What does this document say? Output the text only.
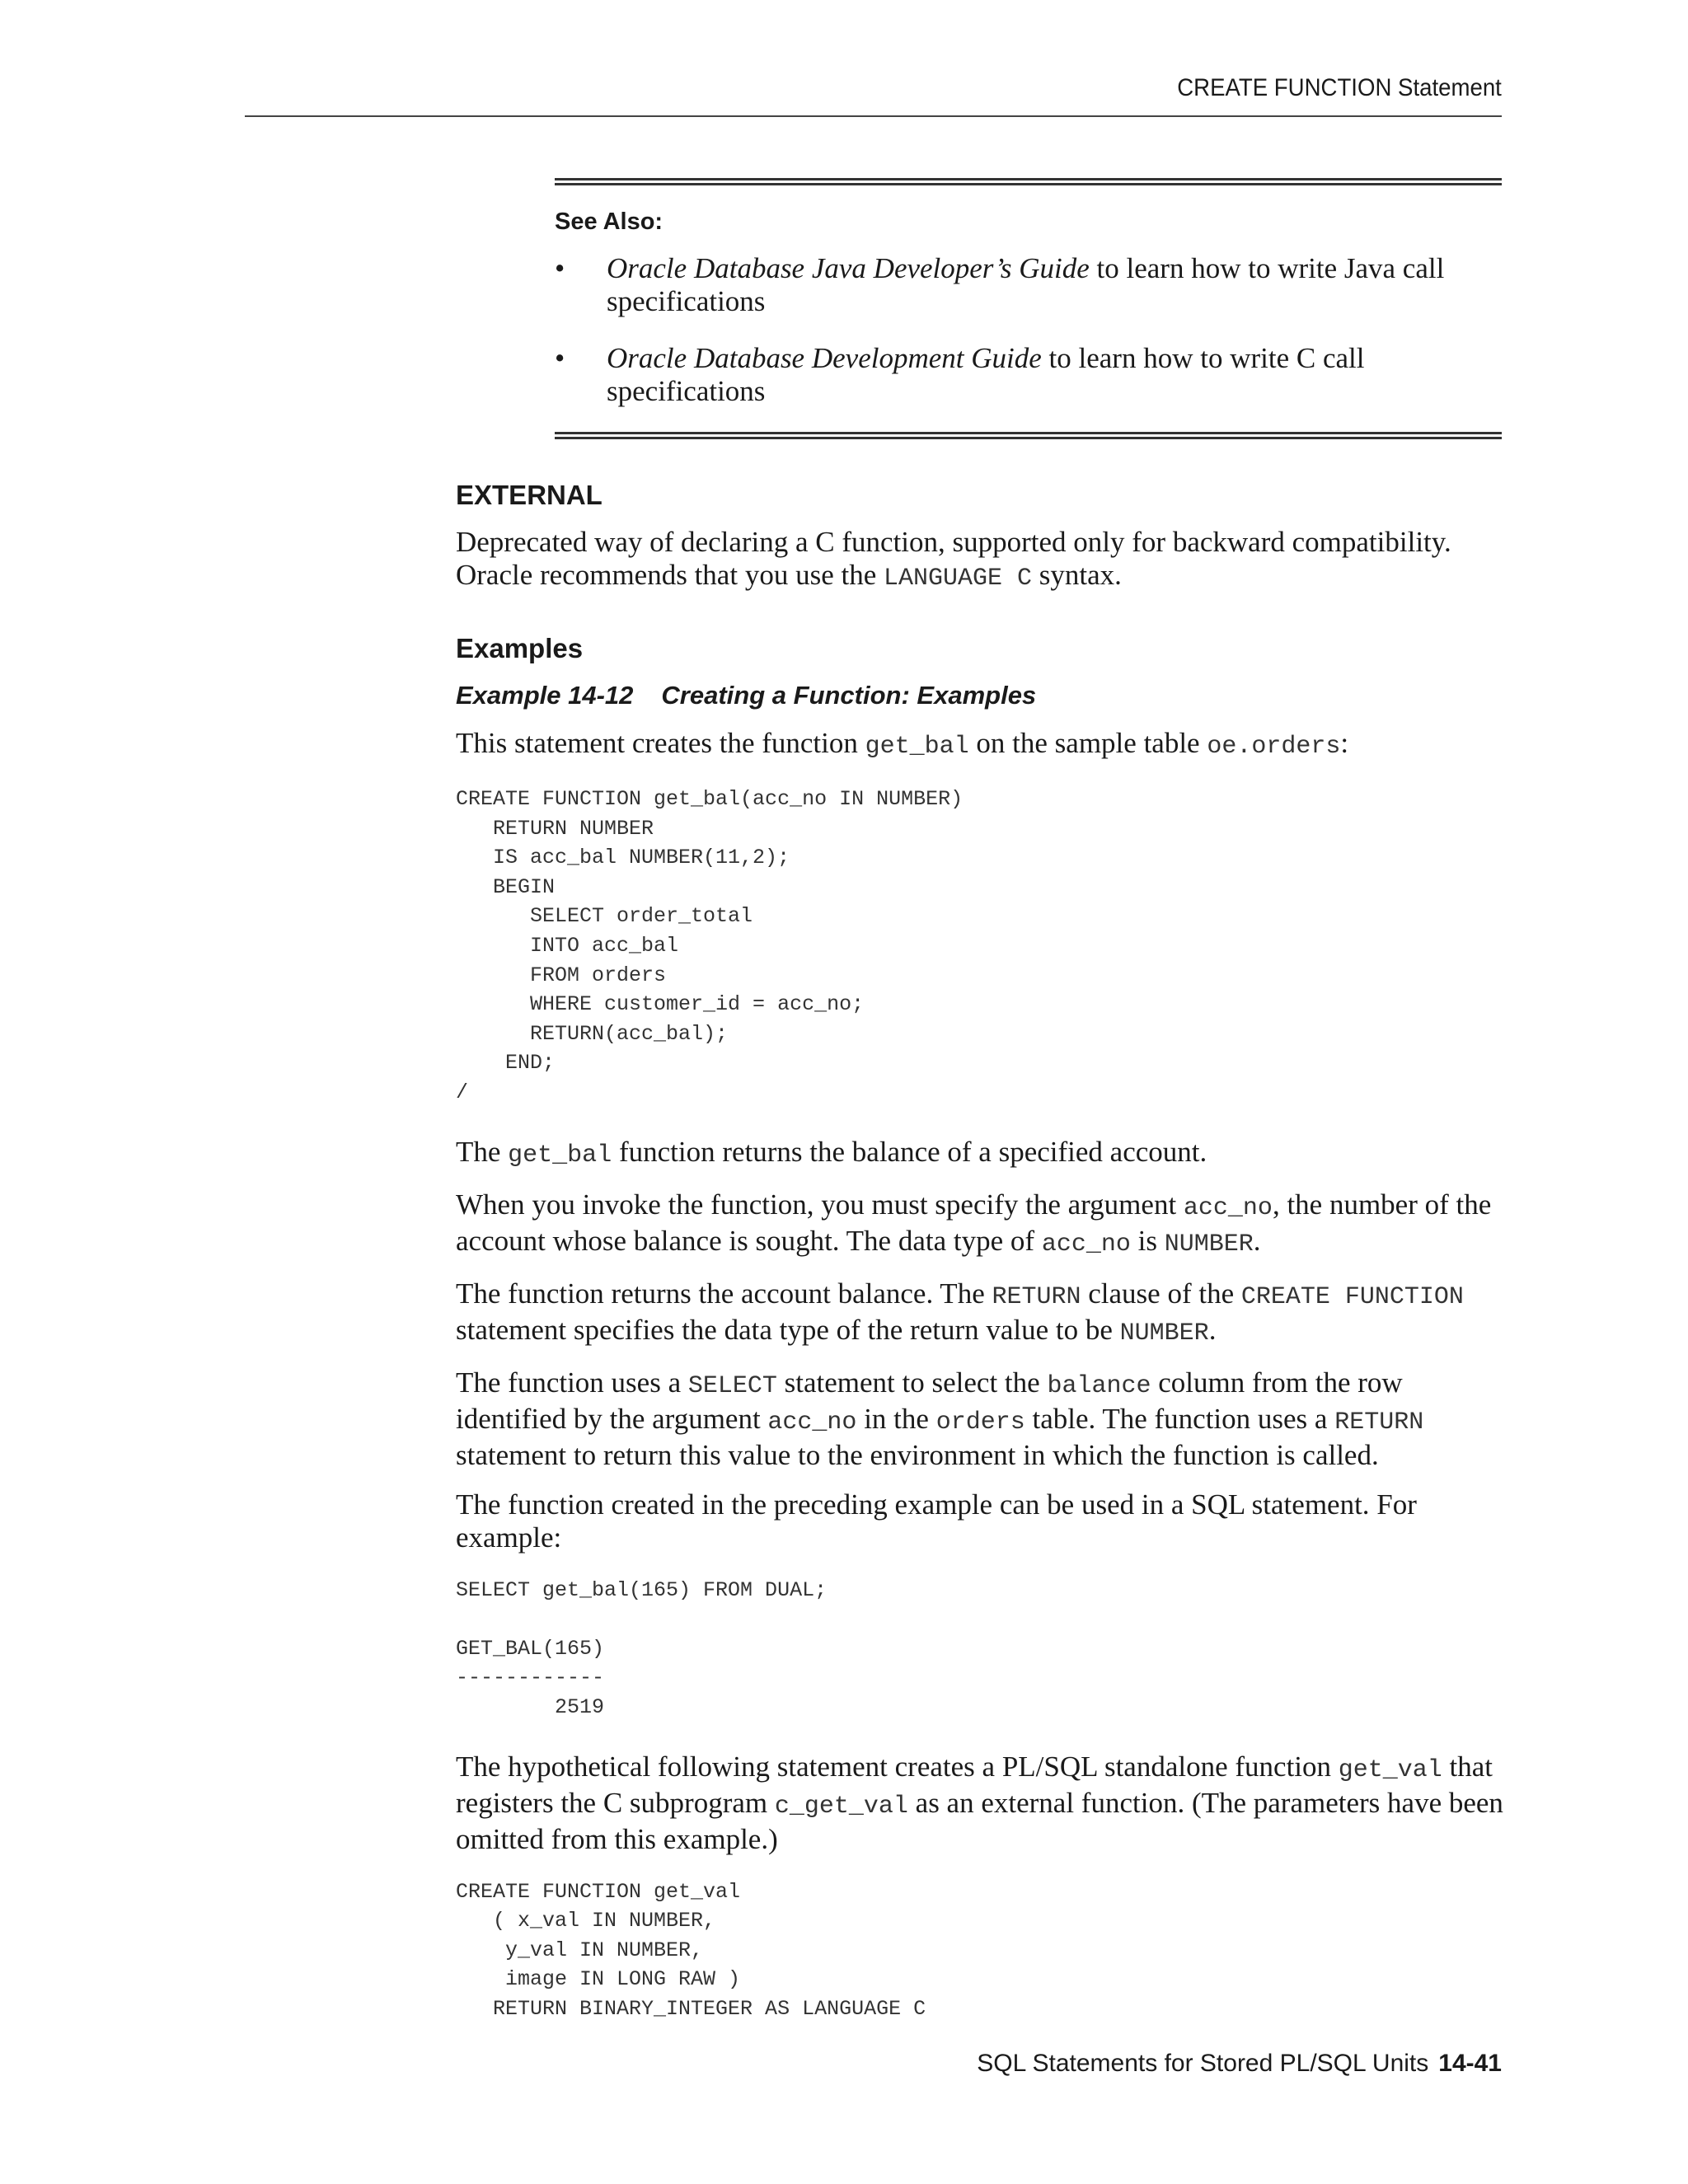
CREATE FUNCTION Statement
See Also:
• Oracle Database Java Developer’s Guide to learn how to write Java call specifications
• Oracle Database Development Guide to learn how to write C call specifications
EXTERNAL

Deprecated way of declaring a C function, supported only for backward compatibility. Oracle recommends that you use the LANGUAGE C syntax.

Examples
Example 14-12 Creating a Function: Examples

This statement creates the function get_bal on the sample table oe.orders:

CREATE FUNCTION get_bal(acc_no IN NUMBER)
RETURN NUMBER
IS acc_bal NUMBER(11,2);
BEGIN
SELECT order_total
INTO acc_bal
FROM orders
WHERE customer_id = acc_no;
RETURN(acc_bal);
END;
/

The get_bal function returns the balance of a specified account.

When you invoke the function, you must specify the argument acc_no, the number of the account whose balance is sought. The data type of acc_no is NUMBER.

The function returns the account balance. The RETURN clause of the CREATE FUNCTION statement specifies the data type of the return value to be NUMBER.

The function uses a SELECT statement to select the balance column from the row identified by the argument acc_no in the orders table. The function uses a RETURN statement to return this value to the environment in which the function is called.

The function created in the preceding example can be used in a SQL statement. For example:

SELECT get_bal(165) FROM DUAL;

GET_BAL(165)
------------
2519

The hypothetical following statement creates a PL/SQL standalone function get_val that registers the C subprogram c_get_val as an external function. (The parameters have been omitted from this example.)

CREATE FUNCTION get_val
( x_val IN NUMBER,
y_val IN NUMBER,
image IN LONG RAW )
RETURN BINARY_INTEGER AS LANGUAGE C
SQL Statements for Stored PL/SQL Units 14-41
